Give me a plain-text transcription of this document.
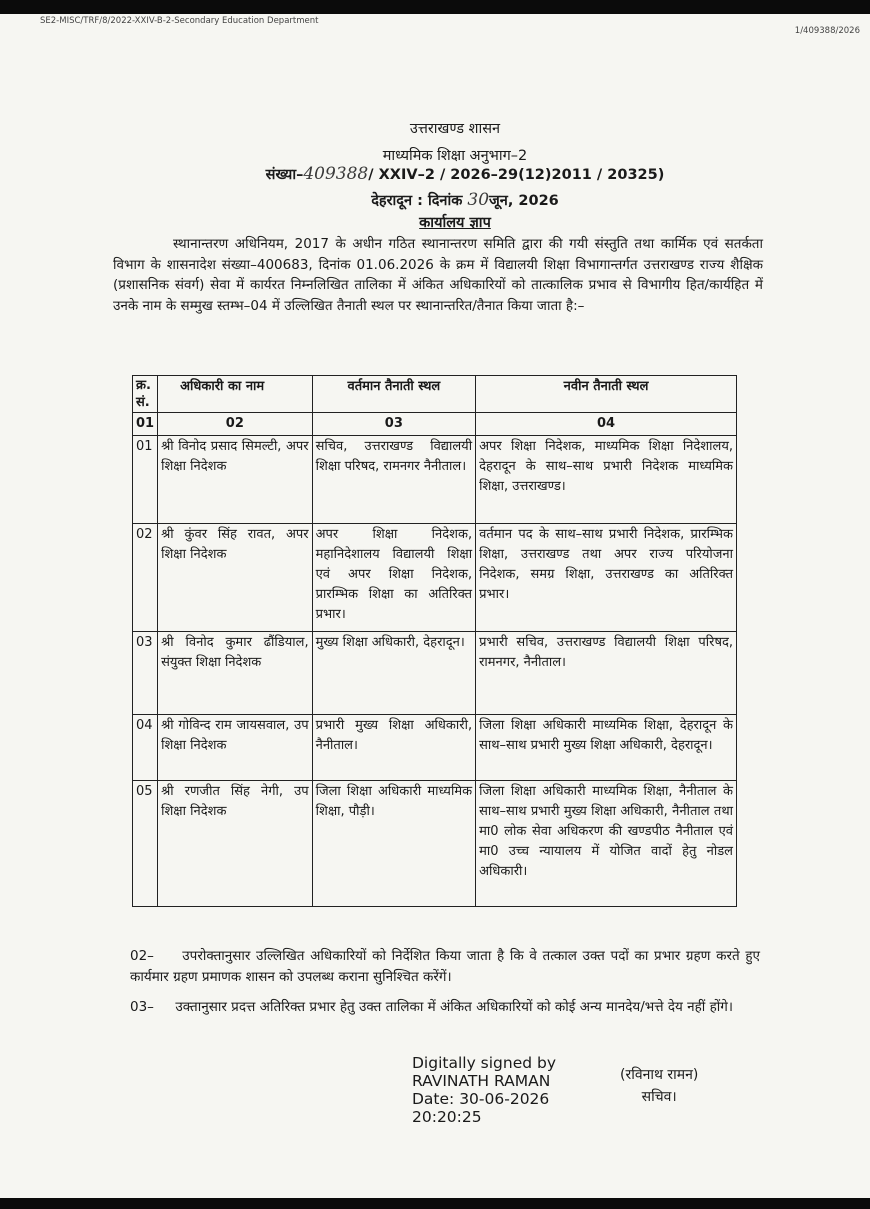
SE2-MISC/TRF/8/2022-XXIV-B-2-Secondary Education Department
1/409388/2026
उत्तराखण्ड शासन
माध्यमिक शिक्षा अनुभाग–2
संख्या–409388/ XXIV–2 / 2026–29(12)2011 / 20325)
देहरादून : दिनांक 30जून, 2026
कार्यालय ज्ञाप
स्थानान्तरण अधिनियम, 2017 के अधीन गठित स्थानान्तरण समिति द्वारा की गयी संस्तुति तथा कार्मिक एवं सतर्कता विभाग के शासनादेश संख्या–400683, दिनांक 01.06.2026 के क्रम में विद्यालयी शिक्षा विभागान्तर्गत उत्तराखण्ड राज्य शैक्षिक (प्रशासनिक संवर्ग) सेवा में कार्यरत निम्नलिखित तालिका में अंकित अधिकारियों को तात्कालिक प्रभाव से विभागीय हित/कार्यहित में उनके नाम के सम्मुख स्तम्भ–04 में उल्लिखित तैनाती स्थल पर स्थानान्तरित/तैनात किया जाता है:–
क्र. सं.	अधिकारी का नाम	वर्तमान तैनाती स्थल	नवीन तैनाती स्थल
01	02	03	04
01	श्री विनोद प्रसाद सिमल्टी, अपर शिक्षा निदेशक	सचिव, उत्तराखण्ड विद्यालयी शिक्षा परिषद, रामनगर नैनीताल।	अपर शिक्षा निदेशक, माध्यमिक शिक्षा निदेशालय, देहरादून के साथ–साथ प्रभारी निदेशक माध्यमिक शिक्षा, उत्तराखण्ड।
02	श्री कुंवर सिंह रावत, अपर शिक्षा निदेशक	अपर शिक्षा निदेशक, महानिदेशालय विद्यालयी शिक्षा एवं अपर शिक्षा निदेशक, प्रारम्भिक शिक्षा का अतिरिक्त प्रभार।	वर्तमान पद के साथ–साथ प्रभारी निदेशक, प्रारम्भिक शिक्षा, उत्तराखण्ड तथा अपर राज्य परियोजना निदेशक, समग्र शिक्षा, उत्तराखण्ड का अतिरिक्त प्रभार।
03	श्री विनोद कुमार ढौंडियाल, संयुक्त शिक्षा निदेशक	मुख्य शिक्षा अधिकारी, देहरादून।	प्रभारी सचिव, उत्तराखण्ड विद्यालयी शिक्षा परिषद, रामनगर, नैनीताल।
04	श्री गोविन्द राम जायसवाल, उप शिक्षा निदेशक	प्रभारी मुख्य शिक्षा अधिकारी, नैनीताल।	जिला शिक्षा अधिकारी माध्यमिक शिक्षा, देहरादून के साथ–साथ प्रभारी मुख्य शिक्षा अधिकारी, देहरादून।
05	श्री रणजीत सिंह नेगी, उप शिक्षा निदेशक	जिला शिक्षा अधिकारी माध्यमिक शिक्षा, पौड़ी।	जिला शिक्षा अधिकारी माध्यमिक शिक्षा, नैनीताल के साथ–साथ प्रभारी मुख्य शिक्षा अधिकारी, नैनीताल तथा मा0 लोक सेवा अधिकरण की खण्डपीठ नैनीताल एवं मा0 उच्च न्यायालय में योजित वादों हेतु नोडल अधिकारी।
02– उपरोक्तानुसार उल्लिखित अधिकारियों को निर्देशित किया जाता है कि वे तत्काल उक्त पदों का प्रभार ग्रहण करते हुए कार्यमार ग्रहण प्रमाणक शासन को उपलब्ध कराना सुनिश्चित करेंगें।
03– उक्तानुसार प्रदत्त अतिरिक्त प्रभार हेतु उक्त तालिका में अंकित अधिकारियों को कोई अन्य मानदेय/भत्ते देय नहीं होंगे।
Digitally signed by
RAVINATH RAMAN
Date: 30-06-2026
20:20:25
(रविनाथ रामन)
सचिव।
